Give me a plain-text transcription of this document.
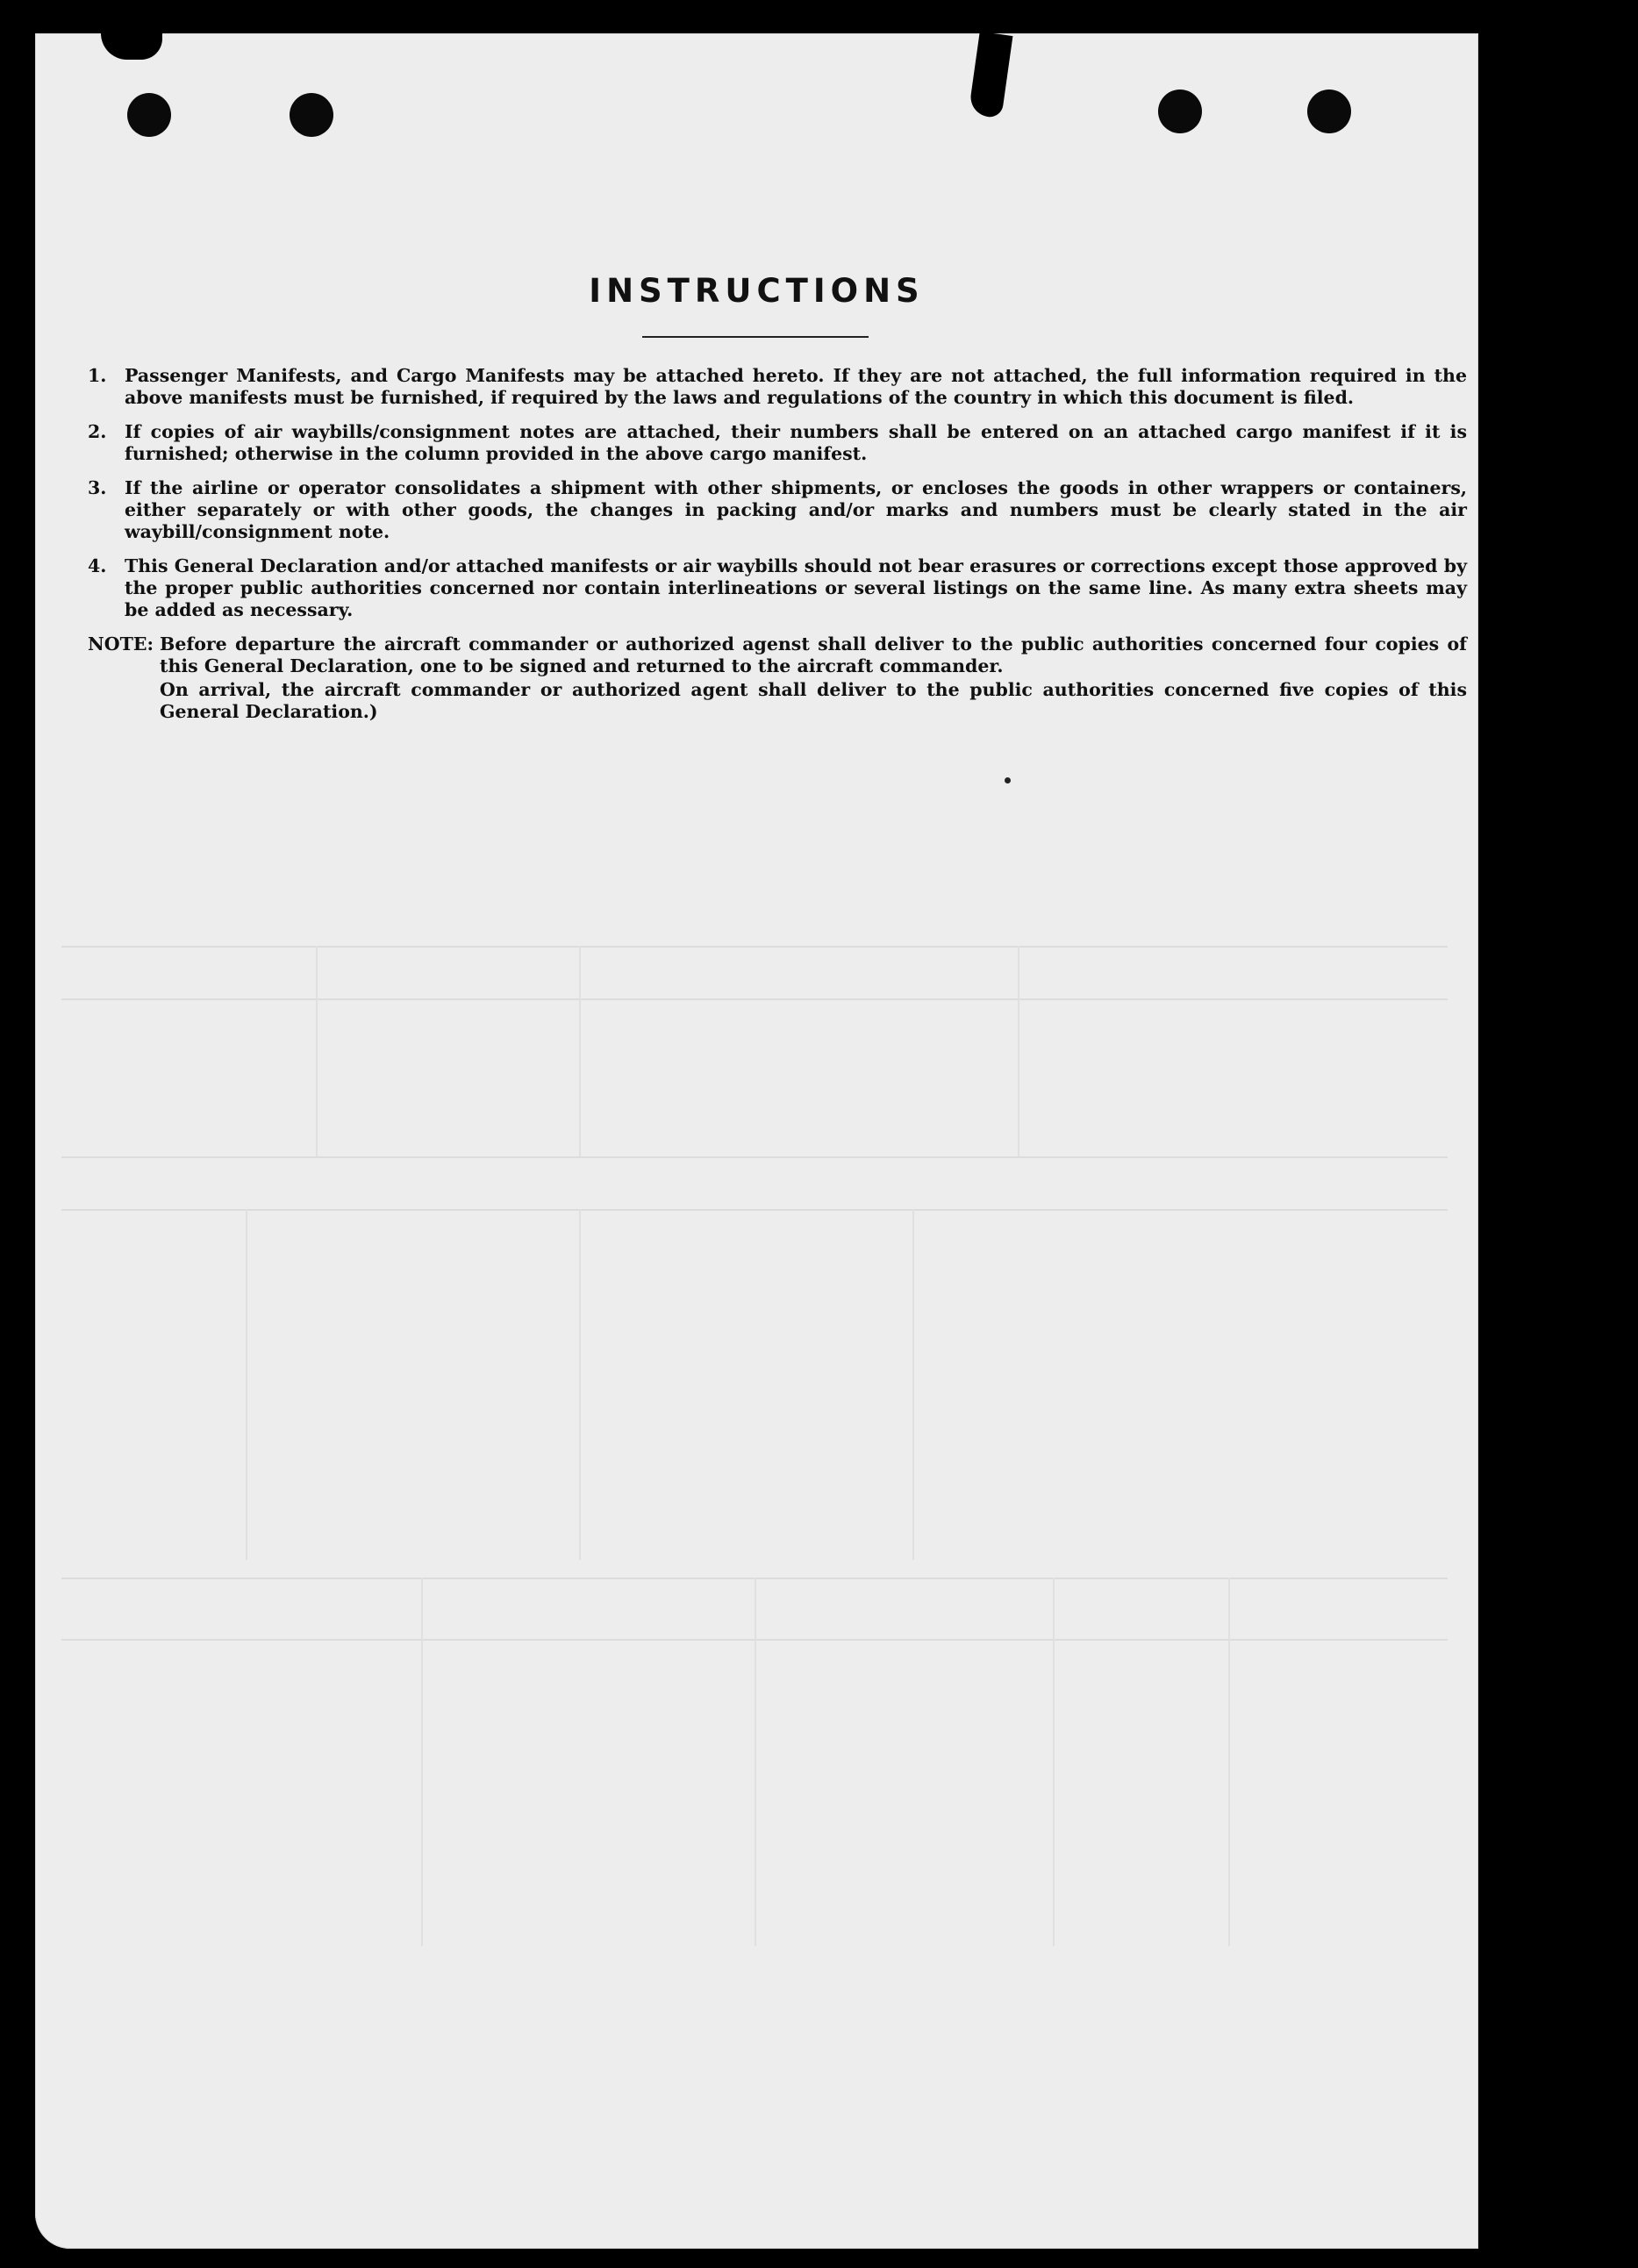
INSTRUCTIONS
1.	Passenger Manifests, and Cargo Manifests may be attached hereto. If they are not attached, the full information required in the above manifests must be furnished, if required by the laws and regulations of the country in which this document is filed.
2.	If copies of air waybills/consignment notes are attached, their numbers shall be entered on an attached cargo manifest if it is furnished; otherwise in the column provided in the above cargo manifest.
3.	If the airline or operator consolidates a shipment with other shipments, or encloses the goods in other wrappers or containers, either separately or with other goods, the changes in packing and/or marks and numbers must be clearly stated in the air waybill/consignment note.
4.	This General Declaration and/or attached manifests or air waybills should not bear erasures or corrections except those approved by the proper public authorities concerned nor contain interlineations or several listings on the same line. As many extra sheets may be added as necessary.
NOTE: Before departure the aircraft commander or authorized agenst shall deliver to the public authorities concerned four copies of this General Declaration, one to be signed and returned to the aircraft commander.
On arrival, the aircraft commander or authorized agent shall deliver to the public authorities concerned five copies of this General Declaration.)
